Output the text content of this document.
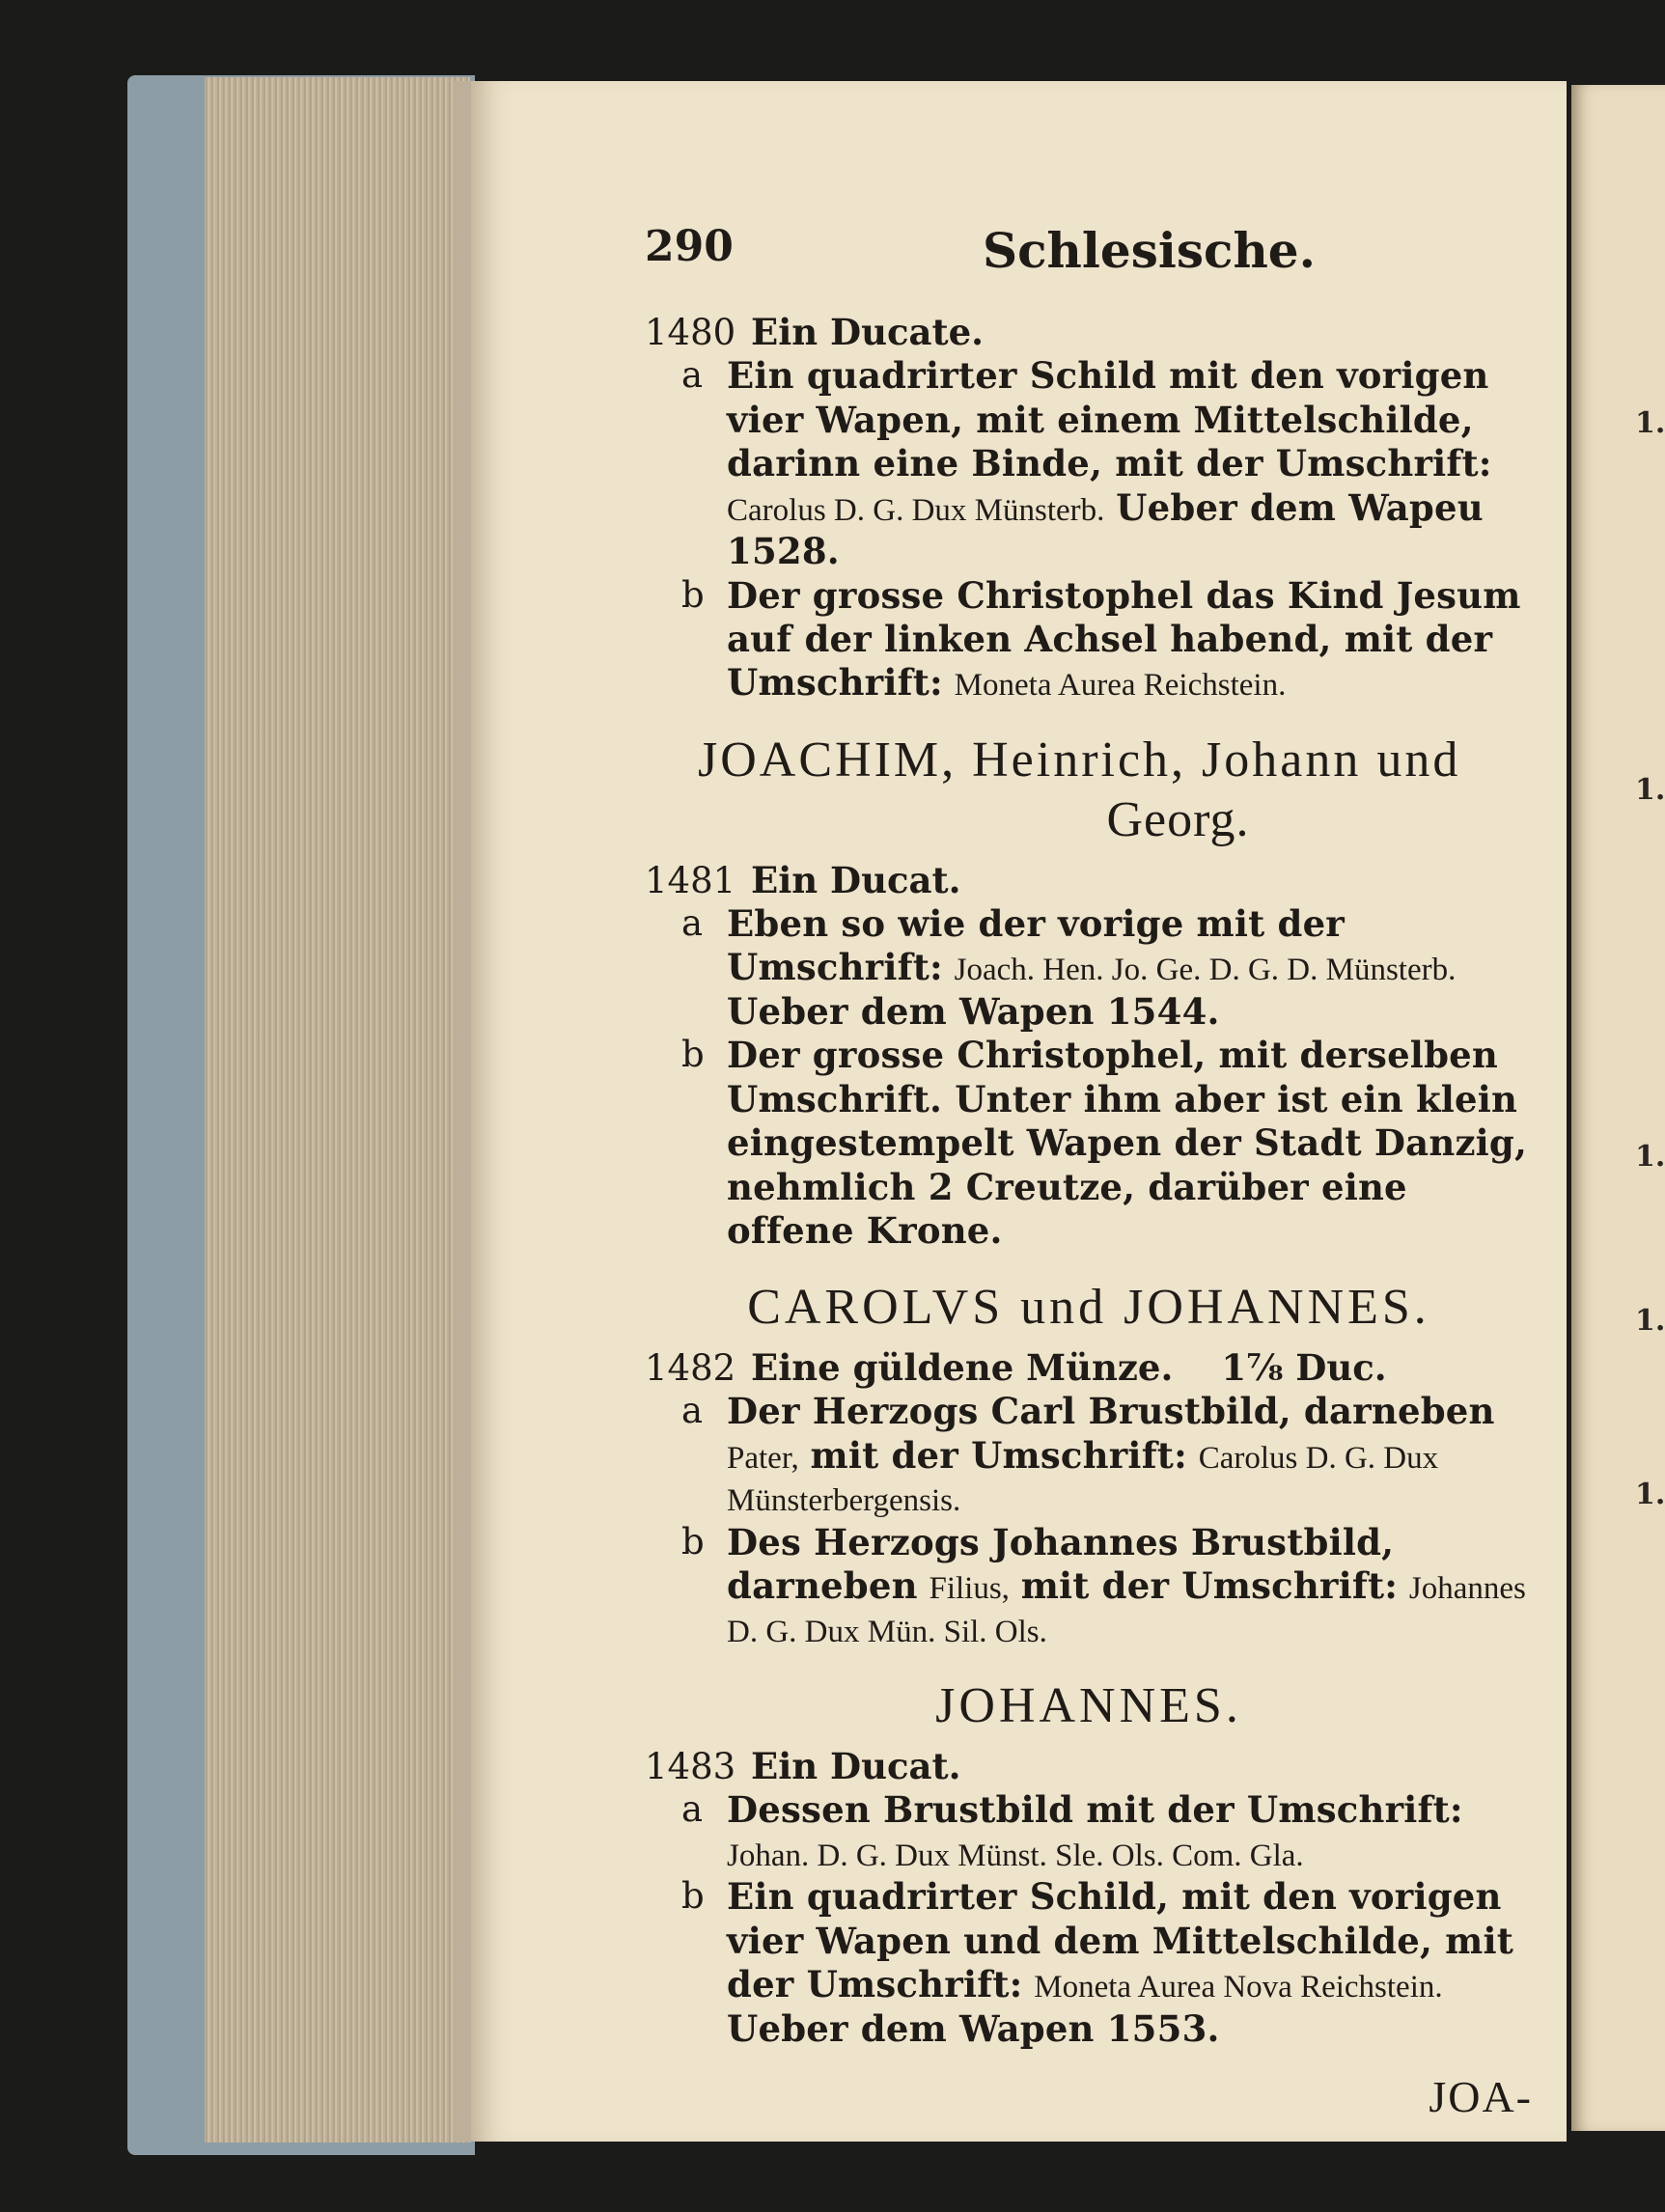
1.
1.
1.
1.
1.
290	Schlesische.
1480 Ein Ducate.
a Ein quadrirter Schild mit den vorigen vier Wapen, mit einem Mittelschilde, darinn eine Binde, mit der Umschrift: Carolus D. G. Dux Münsterb. Ueber dem Wapeu 1528.
b Der grosse Christophel das Kind Jesum auf der linken Achsel habend, mit der Umschrift: Moneta Aurea Reichstein.
JOACHIM, Heinrich, Johann und
Georg.
1481 Ein Ducat.
a Eben so wie der vorige mit der Umschrift: Joach. Hen. Jo. Ge. D. G. D. Münsterb. Ueber dem Wapen 1544.
b Der grosse Christophel, mit derselben Umschrift. Unter ihm aber ist ein klein eingestempelt Wapen der Stadt Danzig, nehmlich 2 Creutze, darüber eine offene Krone.
CAROLVS und JOHANNES.
1482 Eine güldene Münze. 1⅞ Duc.
a Der Herzogs Carl Brustbild, darneben Pater, mit der Umschrift: Carolus D. G. Dux Münsterbergensis.
b Des Herzogs Johannes Brustbild, darneben Filius, mit der Umschrift: Johannes D. G. Dux Mün. Sil. Ols.
JOHANNES.
1483 Ein Ducat.
a Dessen Brustbild mit der Umschrift: Johan. D. G. Dux Münst. Sle. Ols. Com. Gla.
b Ein quadrirter Schild, mit den vorigen vier Wapen und dem Mittelschilde, mit der Umschrift: Moneta Aurea Nova Reichstein. Ueber dem Wapen 1553.
JOA-
